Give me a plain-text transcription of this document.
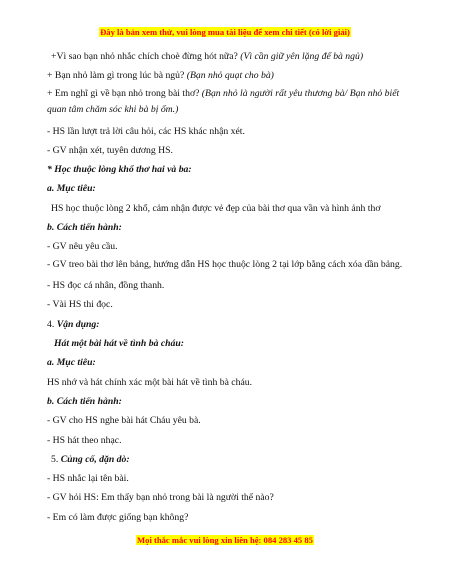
Đây là bản xem thử, vui lòng mua tài liệu để xem chi tiết (có lời giải)
+Vì sao bạn nhỏ nhắc chích choè đừng hót nữa? (Vì cần giữ yên lặng để bà ngủ)
+ Bạn nhỏ làm gì trong lúc bà ngủ? (Bạn nhỏ quạt cho bà)
+ Em nghĩ gì về bạn nhỏ trong bài thơ? (Bạn nhỏ là người rất yêu thương bà/ Bạn nhỏ biết quan tâm chăm sóc khi bà bị ốm.)
- HS lần lượt trả lời câu hỏi, các HS khác nhận xét.
- GV nhận xét, tuyên dương HS.
* Học thuộc lòng khổ thơ hai và ba:
a. Mục tiêu:
HS học thuộc lòng 2 khổ, cảm nhận được vẻ đẹp của bài thơ qua vần và hình ảnh thơ
b. Cách tiến hành:
- GV nêu yêu cầu.
- GV treo bài thơ lên bảng, hướng dẫn HS học thuộc lòng 2 tại lớp bằng cách xóa dần bảng.
- HS đọc cá nhân, đồng thanh.
- Vài HS thi đọc.
4. Vận dụng:
Hát một bài hát về tình bà cháu:
a. Mục tiêu:
HS nhớ và hát chính xác một bài hát về tình bà cháu.
b. Cách tiến hành:
- GV cho HS nghe bài hát Cháu yêu bà.
- HS hát theo nhạc.
5. Củng cố, dặn dò:
- HS nhắc lại tên bài.
- GV hỏi HS: Em thấy bạn nhỏ trong bài là người thế nào?
- Em có làm được giống bạn không?
Mọi thắc mắc vui lòng xin liên hệ: 084 283 45 85
